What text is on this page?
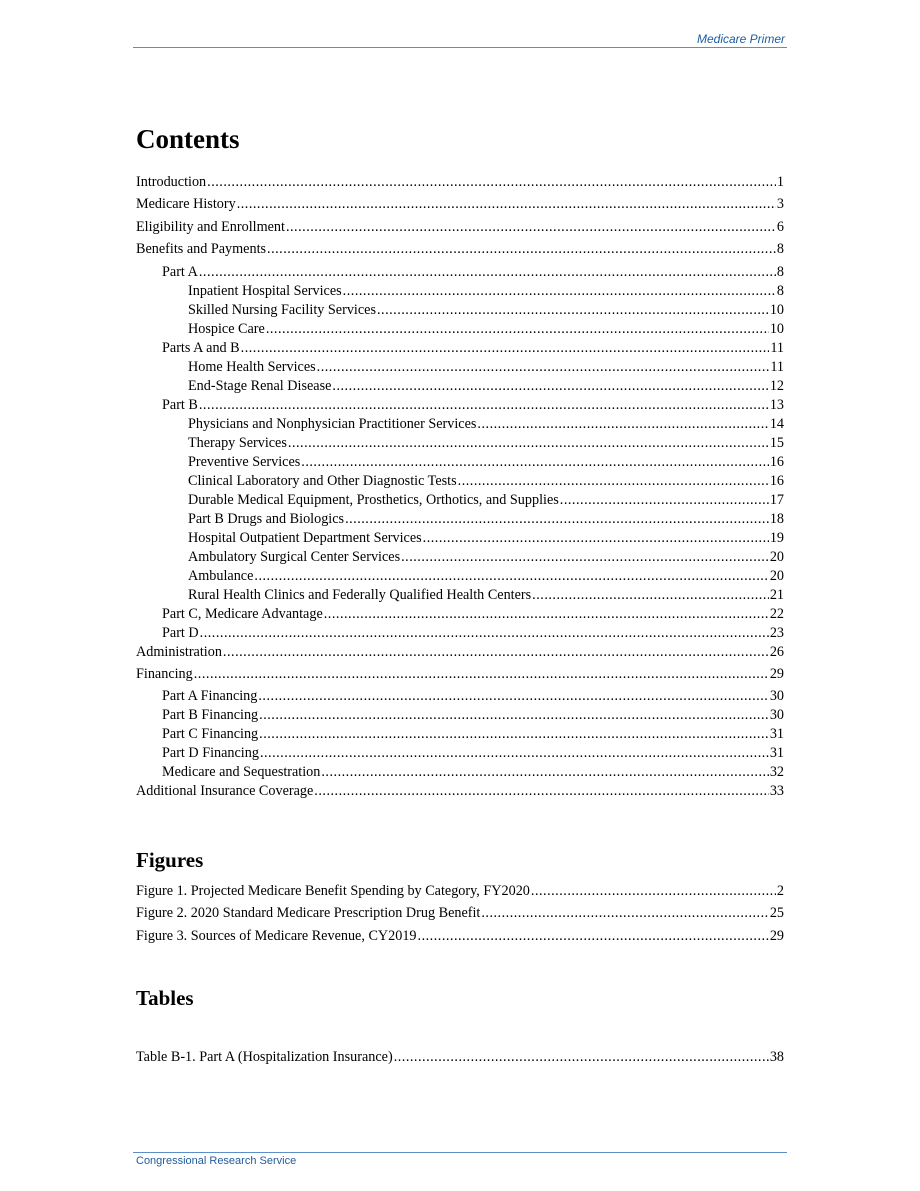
Medicare Primer
Contents
Introduction .....	1
Medicare History .....	3
Eligibility and Enrollment .....	6
Benefits and Payments .....	8
Part A .....	8
Inpatient Hospital Services .....	8
Skilled Nursing Facility Services .....	10
Hospice Care .....	10
Parts A and B .....	11
Home Health Services .....	11
End-Stage Renal Disease .....	12
Part B .....	13
Physicians and Nonphysician Practitioner Services .....	14
Therapy Services .....	15
Preventive Services .....	16
Clinical Laboratory and Other Diagnostic Tests .....	16
Durable Medical Equipment, Prosthetics, Orthotics, and Supplies .....	17
Part B Drugs and Biologics .....	18
Hospital Outpatient Department Services .....	19
Ambulatory Surgical Center Services .....	20
Ambulance .....	20
Rural Health Clinics and Federally Qualified Health Centers .....	21
Part C, Medicare Advantage .....	22
Part D .....	23
Administration .....	26
Financing .....	29
Part A Financing .....	30
Part B Financing .....	30
Part C Financing .....	31
Part D Financing .....	31
Medicare and Sequestration .....	32
Additional Insurance Coverage .....	33
Figures
Figure 1. Projected Medicare Benefit Spending by Category, FY2020 .....	2
Figure 2. 2020 Standard Medicare Prescription Drug Benefit .....	25
Figure 3. Sources of Medicare Revenue, CY2019 .....	29
Tables
Table B-1. Part A (Hospitalization Insurance) .....	38
Congressional Research Service
